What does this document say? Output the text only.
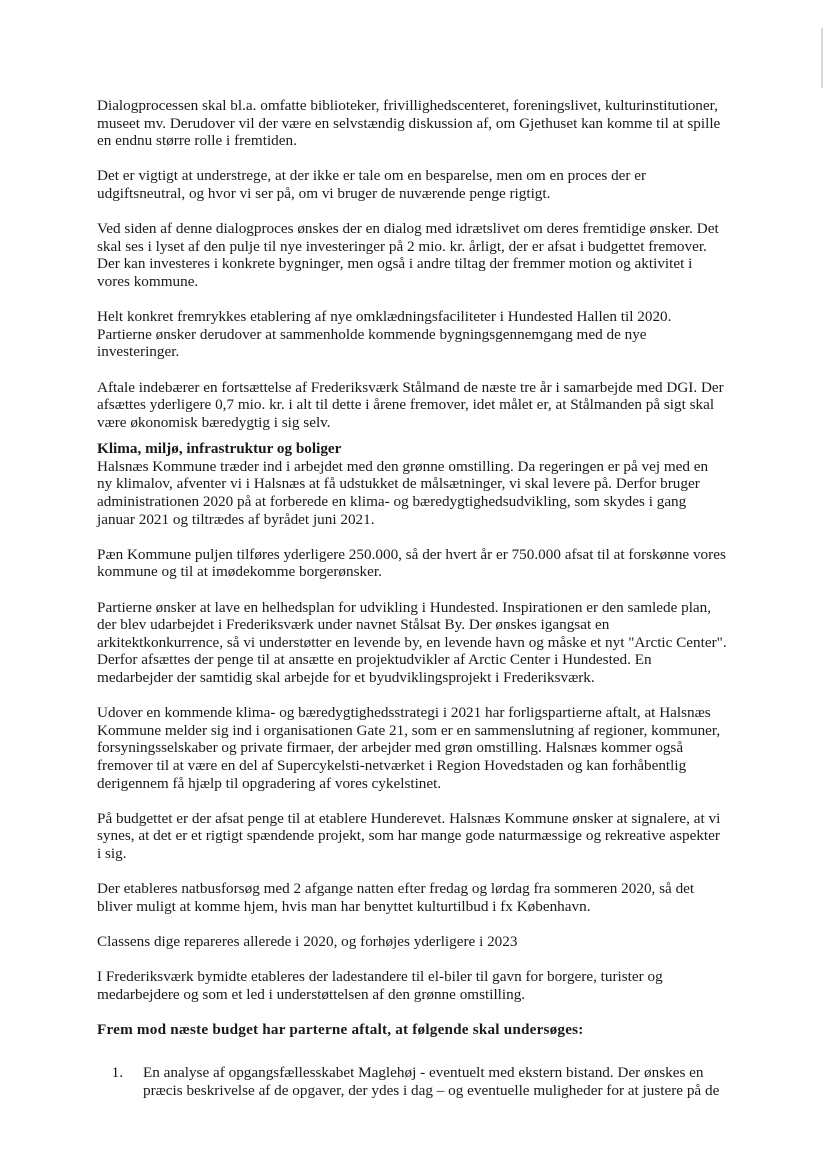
Dialogprocessen skal bl.a. omfatte biblioteker, frivillighedscenteret, foreningslivet, kulturinstitutioner, museet mv. Derudover vil der være en selvstændig diskussion af, om Gjethuset kan komme til at spille en endnu større rolle i fremtiden.

Det er vigtigt at understrege, at der ikke er tale om en besparelse, men om en proces der er udgiftsneutral, og hvor vi ser på, om vi bruger de nuværende penge rigtigt.

Ved siden af denne dialogproces ønskes der en dialog med idrætslivet om deres fremtidige ønsker. Det skal ses i lyset af den pulje til nye investeringer på 2 mio. kr. årligt, der er afsat i budgettet fremover. Der kan investeres i konkrete bygninger, men også i andre tiltag der fremmer motion og aktivitet i vores kommune.

Helt konkret fremrykkes etablering af nye omklædningsfaciliteter i Hundested Hallen til 2020. Partierne ønsker derudover at sammenholde kommende bygningsgennemgang med de nye investeringer.

Aftale indebærer en fortsættelse af Frederiksværk Stålmand de næste tre år i samarbejde med DGI. Der afsættes yderligere 0,7 mio. kr. i alt til dette i årene fremover, idet målet er, at Stålmanden på sigt skal være økonomisk bæredygtig i sig selv.

Klima, miljø, infrastruktur og boliger

Halsnæs Kommune træder ind i arbejdet med den grønne omstilling. Da regeringen er på vej med en ny klimalov, afventer vi i Halsnæs at få udstukket de målsætninger, vi skal levere på. Derfor bruger administrationen 2020 på at forberede en klima- og bæredygtighedsudvikling, som skydes i gang januar 2021 og tiltrædes af byrådet juni 2021.

Pæn Kommune puljen tilføres yderligere 250.000, så der hvert år er 750.000 afsat til at forskønne vores kommune og til at imødekomme borgerønsker.

Partierne ønsker at lave en helhedsplan for udvikling i Hundested. Inspirationen er den samlede plan, der blev udarbejdet i Frederiksværk under navnet Stålsat By. Der ønskes igangsat en arkitektkonkurrence, så vi understøtter en levende by, en levende havn og måske et nyt "Arctic Center". Derfor afsættes der penge til at ansætte en projektudvikler af Arctic Center i Hundested. En medarbejder der samtidig skal arbejde for et byudviklingsprojekt i Frederiksværk.

Udover en kommende klima- og bæredygtighedsstrategi i 2021 har forligspartierne aftalt, at Halsnæs Kommune melder sig ind i organisationen Gate 21, som er en sammenslutning af regioner, kommuner, forsyningsselskaber og private firmaer, der arbejder med grøn omstilling. Halsnæs kommer også fremover til at være en del af Supercykelsti-netværket i Region Hovedstaden og kan forhåbentlig derigennem få hjælp til opgradering af vores cykelstinet.

På budgettet er der afsat penge til at etablere Hunderevet. Halsnæs Kommune ønsker at signalere, at vi synes, at det er et rigtigt spændende projekt, som har mange gode naturmæssige og rekreative aspekter i sig.

Der etableres natbusforsøg med 2 afgange natten efter fredag og lørdag fra sommeren 2020, så det bliver muligt at komme hjem, hvis man har benyttet kulturtilbud i fx København.

Classens dige repareres allerede i 2020, og forhøjes yderligere i 2023

I Frederiksværk bymidte etableres der ladestandere til el-biler til gavn for borgere, turister og medarbejdere og som et led i understøttelsen af den grønne omstilling.

Frem mod næste budget har parterne aftalt, at følgende skal undersøges:

1.	En analyse af opgangsfællesskabet Maglehøj - eventuelt med ekstern bistand. Der ønskes en præcis beskrivelse af de opgaver, der ydes i dag – og eventuelle muligheder for at justere på de
